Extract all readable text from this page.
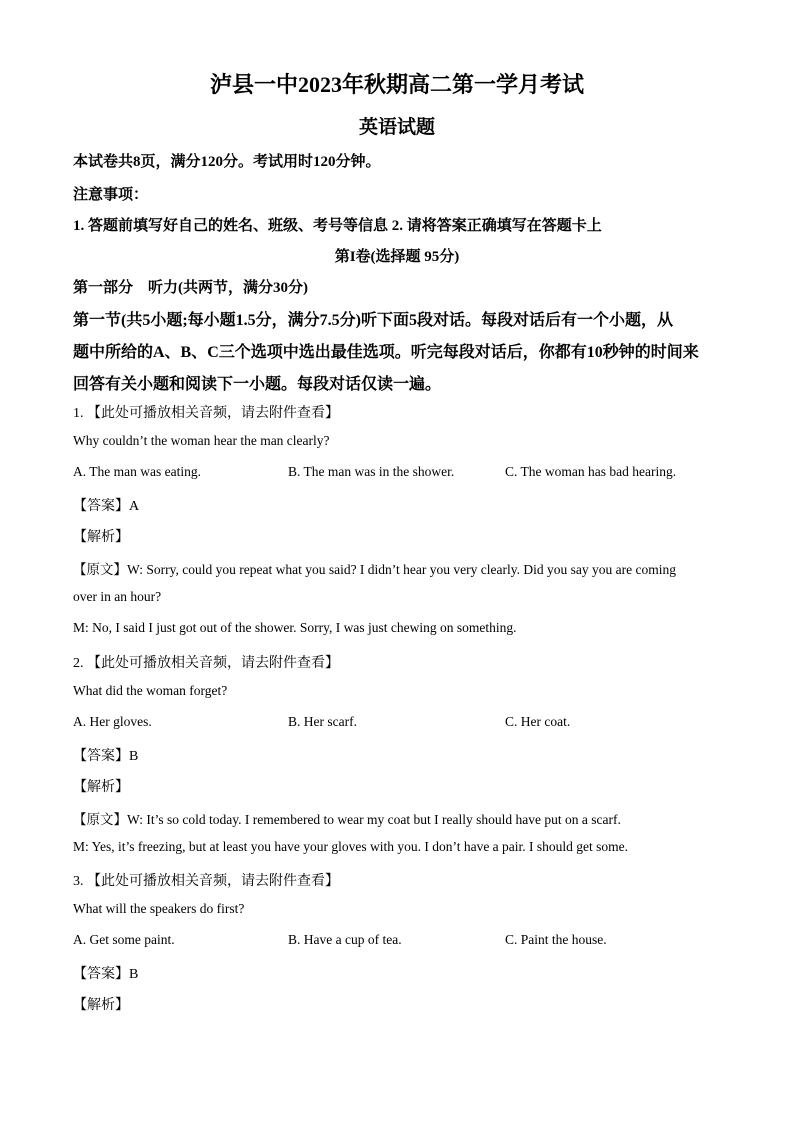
泸县一中2023年秋期高二第一学月考试
英语试题
本试卷共8页，满分120分。考试用时120分钟。
注意事项：
1. 答题前填写好自己的姓名、班级、考号等信息 2. 请将答案正确填写在答题卡上
第I卷(选择题 95分)
第一部分　听力(共两节，满分30分)
第一节(共5小题;每小题1.5分，满分7.5分)听下面5段对话。每段对话后有一个小题，从
题中所给的A、B、C三个选项中选出最佳选项。听完每段对话后，你都有10秒钟的时间来
回答有关小题和阅读下一小题。每段对话仅读一遍。
1. 【此处可播放相关音频，请去附件查看】
Why couldn’t the woman hear the man clearly?
A. The man was eating.	B. The man was in the shower.	C. The woman has bad hearing.
【答案】A
【解析】
【原文】W: Sorry, could you repeat what you said? I didn’t hear you very clearly. Did you say you are coming
over in an hour?
M: No, I said I just got out of the shower. Sorry, I was just chewing on something.
2. 【此处可播放相关音频，请去附件查看】
What did the woman forget?
A. Her gloves.	B. Her scarf.	C. Her coat.
【答案】B
【解析】
【原文】W: It’s so cold today. I remembered to wear my coat but I really should have put on a scarf.
M: Yes, it’s freezing, but at least you have your gloves with you. I don’t have a pair. I should get some.
3. 【此处可播放相关音频，请去附件查看】
What will the speakers do first?
A. Get some paint.	B. Have a cup of tea.	C. Paint the house.
【答案】B
【解析】
